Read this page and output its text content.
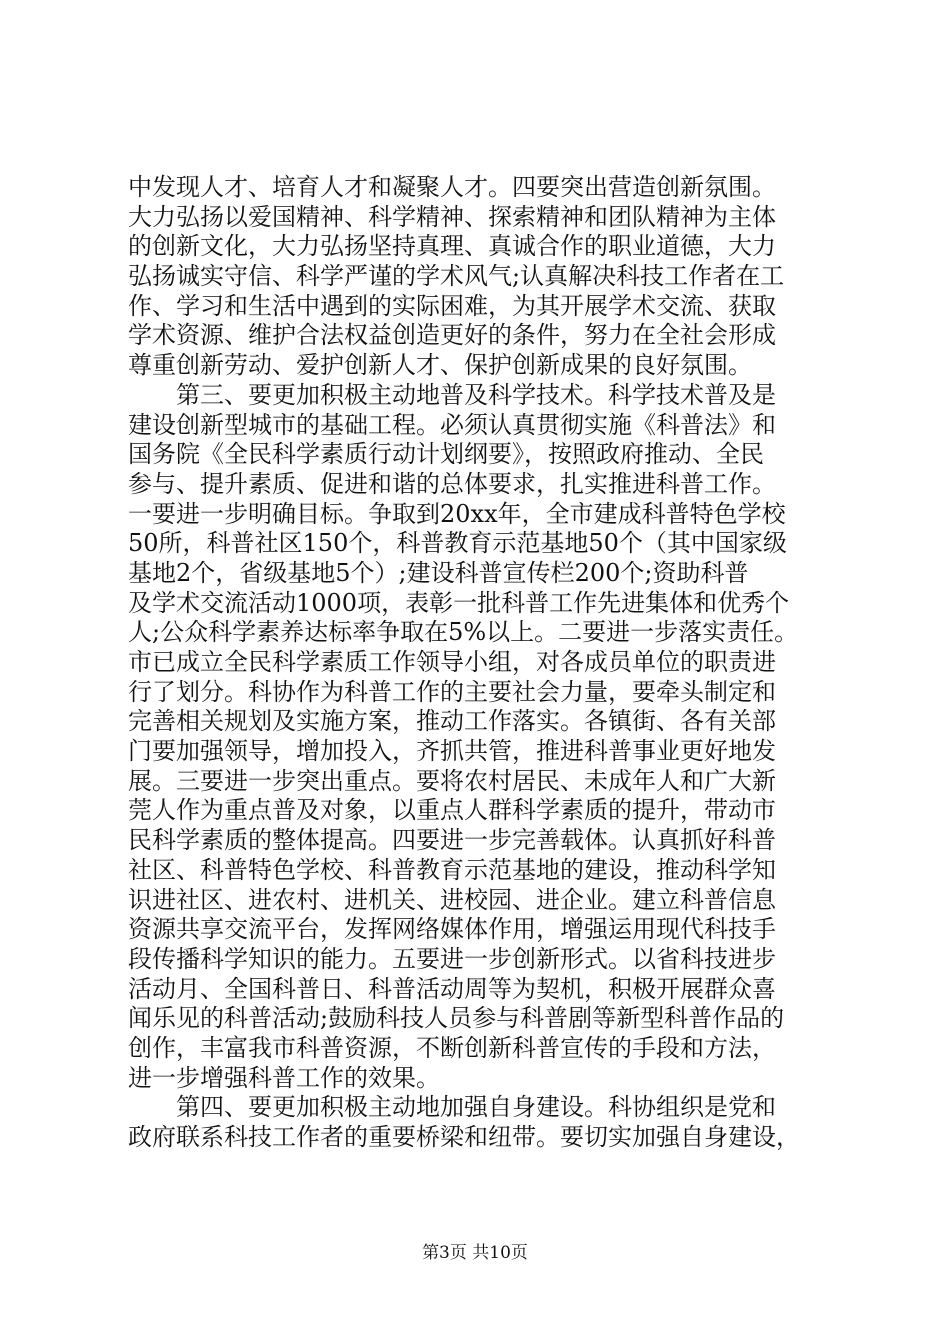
中发现人才、培育人才和凝聚人才。四要突出营造创新氛围。
大力弘扬以爱国精神、科学精神、探索精神和团队精神为主体
的创新文化，大力弘扬坚持真理、真诚合作的职业道德，大力
弘扬诚实守信、科学严谨的学术风气;认真解决科技工作者在工
作、学习和生活中遇到的实际困难，为其开展学术交流、获取
学术资源、维护合法权益创造更好的条件，努力在全社会形成
尊重创新劳动、爱护创新人才、保护创新成果的良好氛围。
第三、要更加积极主动地普及科学技术。科学技术普及是
建设创新型城市的基础工程。必须认真贯彻实施《科普法》和
国务院《全民科学素质行动计划纲要》，按照政府推动、全民
参与、提升素质、促进和谐的总体要求，扎实推进科普工作。
一要进一步明确目标。争取到20xx年，全市建成科普特色学校
50所，科普社区150个，科普教育示范基地50个（其中国家级
基地2个，省级基地5个）;建设科普宣传栏200个;资助科普
及学术交流活动1000项，表彰一批科普工作先进集体和优秀个
人;公众科学素养达标率争取在5%以上。二要进一步落实责任。
市已成立全民科学素质工作领导小组，对各成员单位的职责进
行了划分。科协作为科普工作的主要社会力量，要牵头制定和
完善相关规划及实施方案，推动工作落实。各镇街、各有关部
门要加强领导，增加投入，齐抓共管，推进科普事业更好地发
展。三要进一步突出重点。要将农村居民、未成年人和广大新
莞人作为重点普及对象，以重点人群科学素质的提升，带动市
民科学素质的整体提高。四要进一步完善载体。认真抓好科普
社区、科普特色学校、科普教育示范基地的建设，推动科学知
识进社区、进农村、进机关、进校园、进企业。建立科普信息
资源共享交流平台，发挥网络媒体作用，增强运用现代科技手
段传播科学知识的能力。五要进一步创新形式。以省科技进步
活动月、全国科普日、科普活动周等为契机，积极开展群众喜
闻乐见的科普活动;鼓励科技人员参与科普剧等新型科普作品的
创作，丰富我市科普资源，不断创新科普宣传的手段和方法，
进一步增强科普工作的效果。
第四、要更加积极主动地加强自身建设。科协组织是党和
政府联系科技工作者的重要桥梁和纽带。要切实加强自身建设，
第3页 共10页
